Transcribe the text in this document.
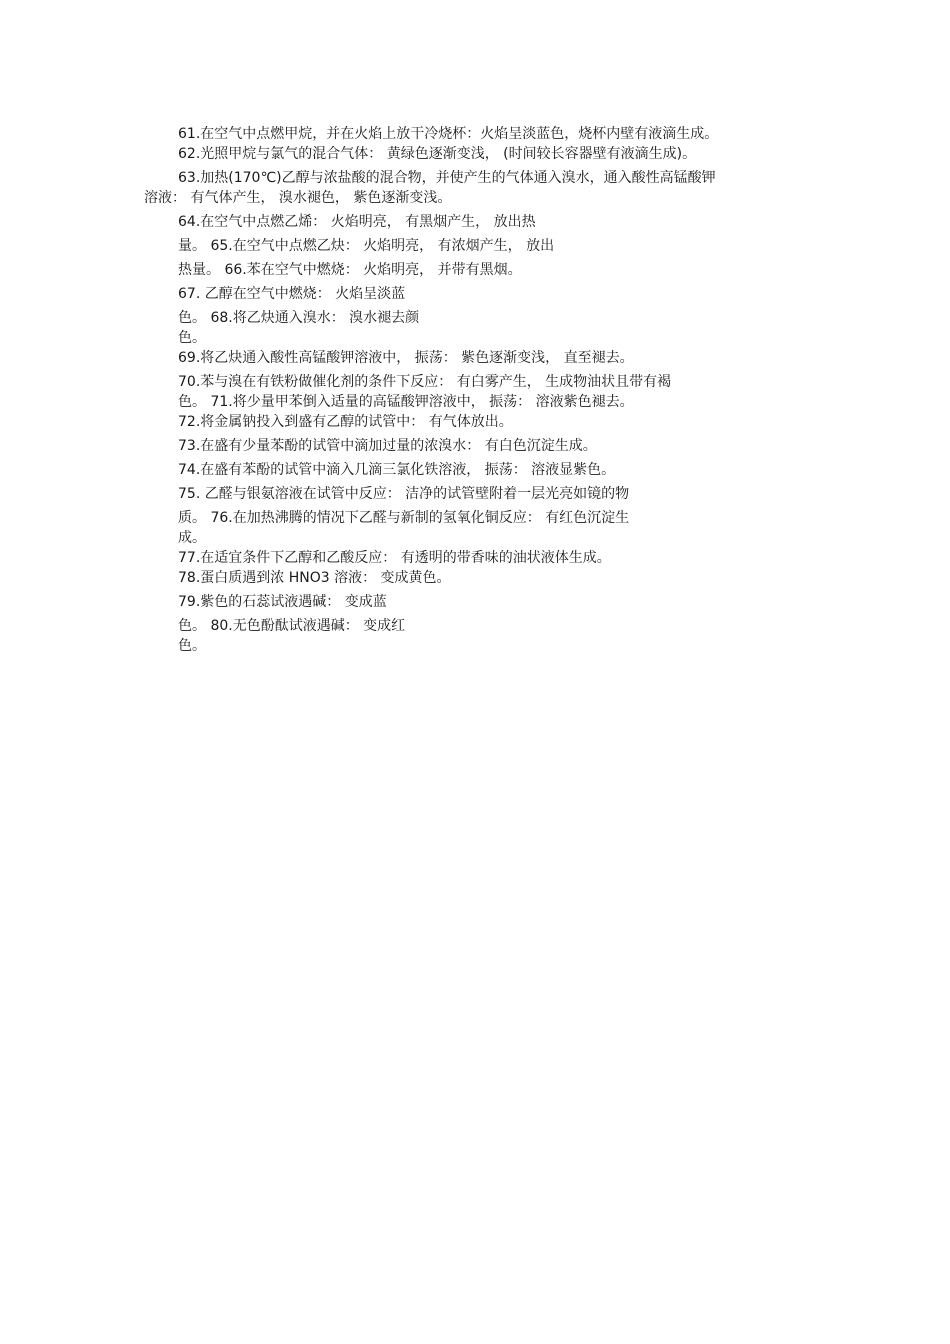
61.在空气中点燃甲烷，并在火焰上放干冷烧杯：火焰呈淡蓝色，烧杯内壁有液滴生成。
62.光照甲烷与氯气的混合气体： 黄绿色逐渐变浅， (时间较长容器壁有液滴生成)。
63.加热(170℃)乙醇与浓盐酸的混合物，并使产生的气体通入溴水，通入酸性高锰酸钾
溶液： 有气体产生， 溴水褪色， 紫色逐渐变浅。
64.在空气中点燃乙烯： 火焰明亮， 有黑烟产生， 放出热
量。 65.在空气中点燃乙炔： 火焰明亮， 有浓烟产生， 放出
热量。 66.苯在空气中燃烧： 火焰明亮， 并带有黑烟。
67. 乙醇在空气中燃烧： 火焰呈淡蓝
色。 68.将乙炔通入溴水： 溴水褪去颜
色。
69.将乙炔通入酸性高锰酸钾溶液中， 振荡： 紫色逐渐变浅， 直至褪去。
70.苯与溴在有铁粉做催化剂的条件下反应： 有白雾产生， 生成物油状且带有褐
色。 71.将少量甲苯倒入适量的高锰酸钾溶液中， 振荡： 溶液紫色褪去。
72.将金属钠投入到盛有乙醇的试管中： 有气体放出。
73.在盛有少量苯酚的试管中滴加过量的浓溴水： 有白色沉淀生成。
74.在盛有苯酚的试管中滴入几滴三氯化铁溶液， 振荡： 溶液显紫色。
75. 乙醛与银氨溶液在试管中反应： 洁净的试管壁附着一层光亮如镜的物
质。 76.在加热沸腾的情况下乙醛与新制的氢氧化铜反应： 有红色沉淀生
成。
77.在适宜条件下乙醇和乙酸反应： 有透明的带香味的油状液体生成。
78.蛋白质遇到浓 HNO3 溶液： 变成黄色。
79.紫色的石蕊试液遇碱： 变成蓝
色。 80.无色酚酞试液遇碱： 变成红
色。
